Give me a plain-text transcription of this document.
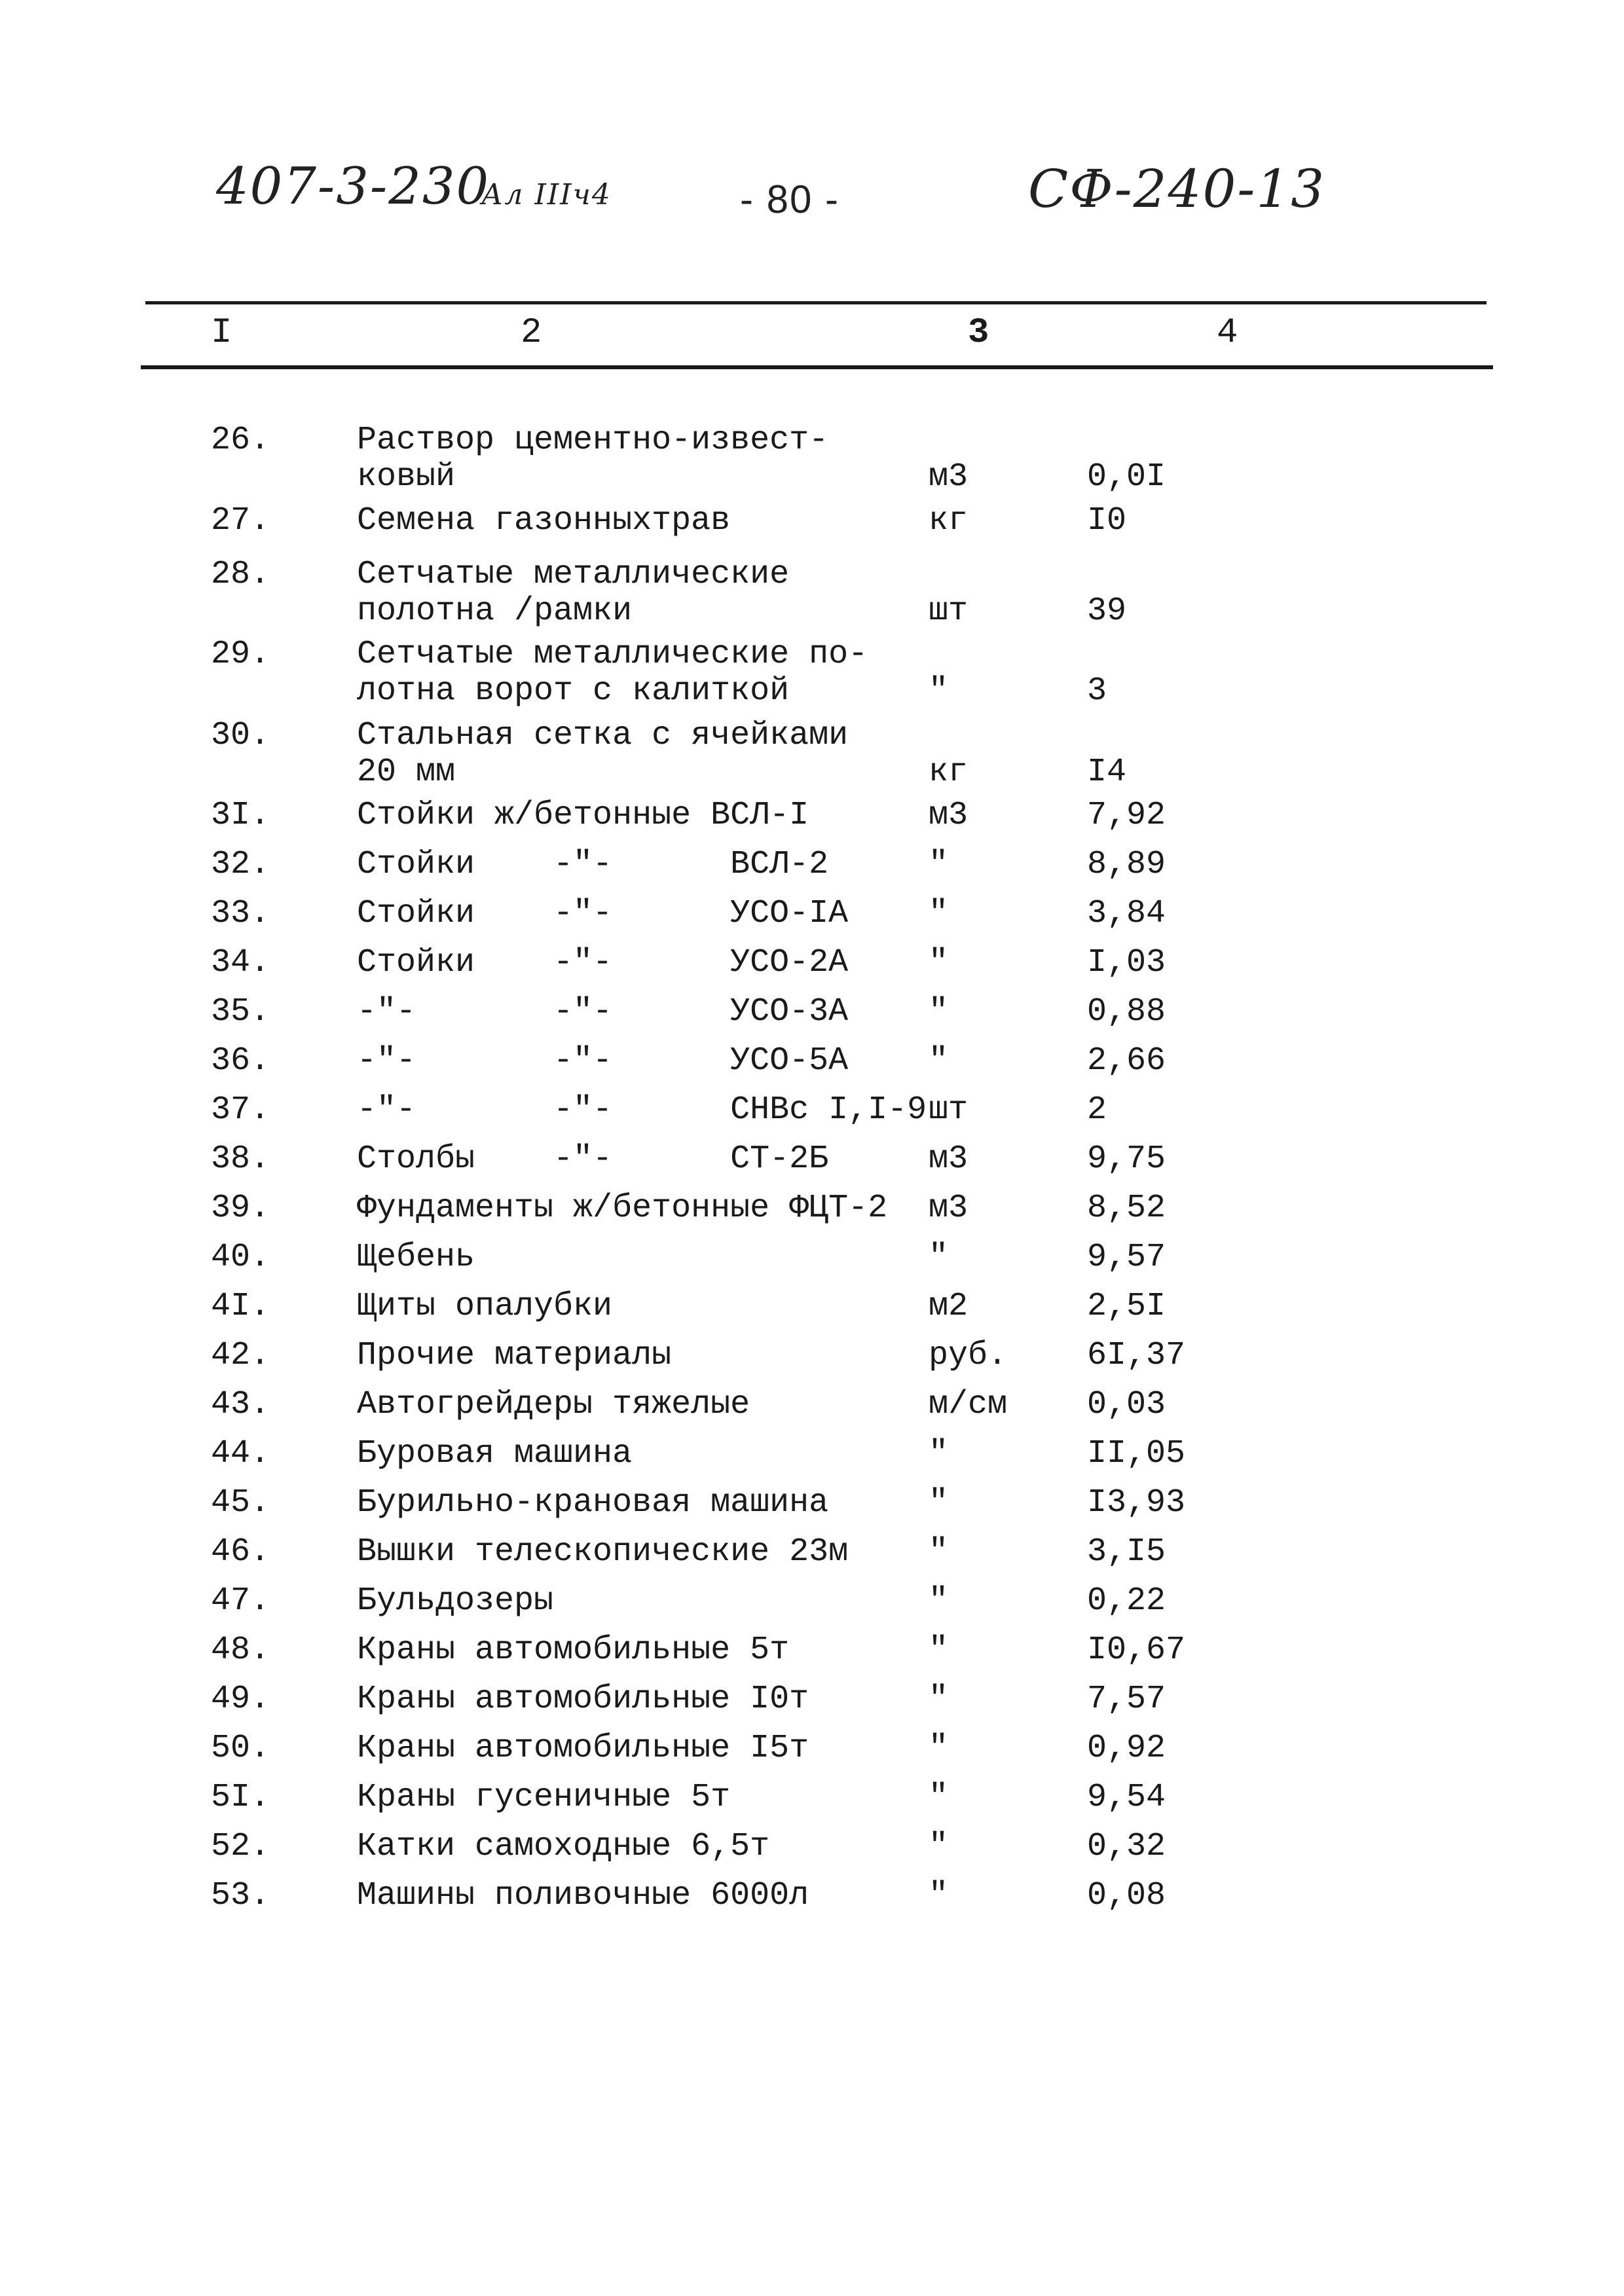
407-3-230
Ал IIIч4	- 80 -	СФ-240-13
I	2	3	4
26.	Раствор цементно-извест-
ковый	м3	0,0I
27.	Семена газонныхтрав	кг	I0
28.	Сетчатые металлические
полотна /рамки	шт	39
29.	Сетчатые металлические по-
лотна ворот с калиткой	"	3
30.	Стальная сетка с ячейками
20 мм	кг	I4
3I.	Стойки ж/бетонные ВСЛ-I	м3	7,92
32.	Стойки    -"-      ВСЛ-2	"	8,89
33.	Стойки    -"-      УСО-IА "	3,84
34.	Стойки    -"-      УСО-2А "	I,03
35.	-"-       -"-      УСО-3А "	0,88
36.	-"-       -"-      УСО-5А "	2,66
37.	-"-       -"-      СНВс I,I-9 шт	2
38.	Столбы    -"-      СТ-2Б	м3	9,75
39.	Фундаменты ж/бетонные ФЦТ-2 м3	8,52
40.	Щебень	"	9,57
4I.	Щиты опалубки	м2	2,5I
42.	Прочие материалы	руб. 6I,37
43.	Автогрейдеры тяжелые	м/см 0,03
44.	Буровая машина	"	II,05
45.	Бурильно-крановая машина	"	I3,93
46.	Вышки телескопические 23м "	3,I5
47.	Бульдозеры	"	0,22
48.	Краны автомобильные 5т	"	I0,67
49.	Краны автомобильные I0т	"	7,57
50.	Краны автомобильные I5т	"	0,92
5I.	Краны гусеничные 5т	"	9,54
52.	Катки самоходные 6,5т	"	0,32
53.	Машины поливочные 6000л	"	0,08
